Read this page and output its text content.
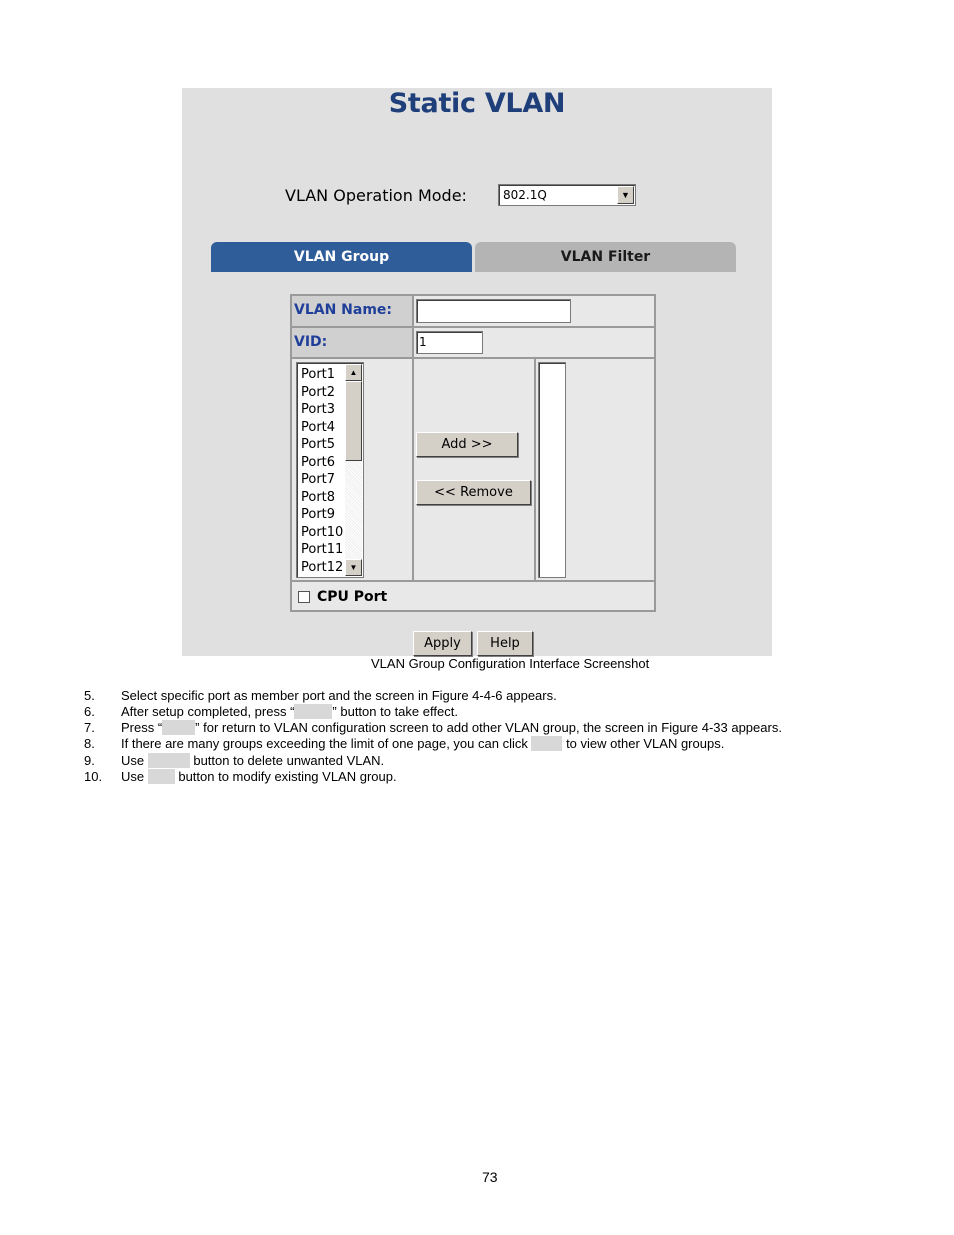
Static VLAN
VLAN Operation Mode:	802.1Q	▼
VLAN Group	VLAN Filter
VLAN Name:
VID:	1
Port1
Port2
Port3
Port4
Port5
Port6
Port7
Port8
Port9
Port10
Port11
Port12
▲
▼
Add >>
<< Remove
CPU Port
Apply	Help
VLAN Group Configuration Interface Screenshot
5. Select specific port as member port and the screen in Figure 4-4-6 appears.
6. After setup completed, press “	” button to take effect.
7. Press “	” for return to VLAN configuration screen to add other VLAN group, the screen in Figure 4-33 appears.
8. If there are many groups exceeding the limit of one page, you can click  to view other VLAN groups.
9. Use	button to delete unwanted VLAN.
10. Use  button to modify existing VLAN group.
73
